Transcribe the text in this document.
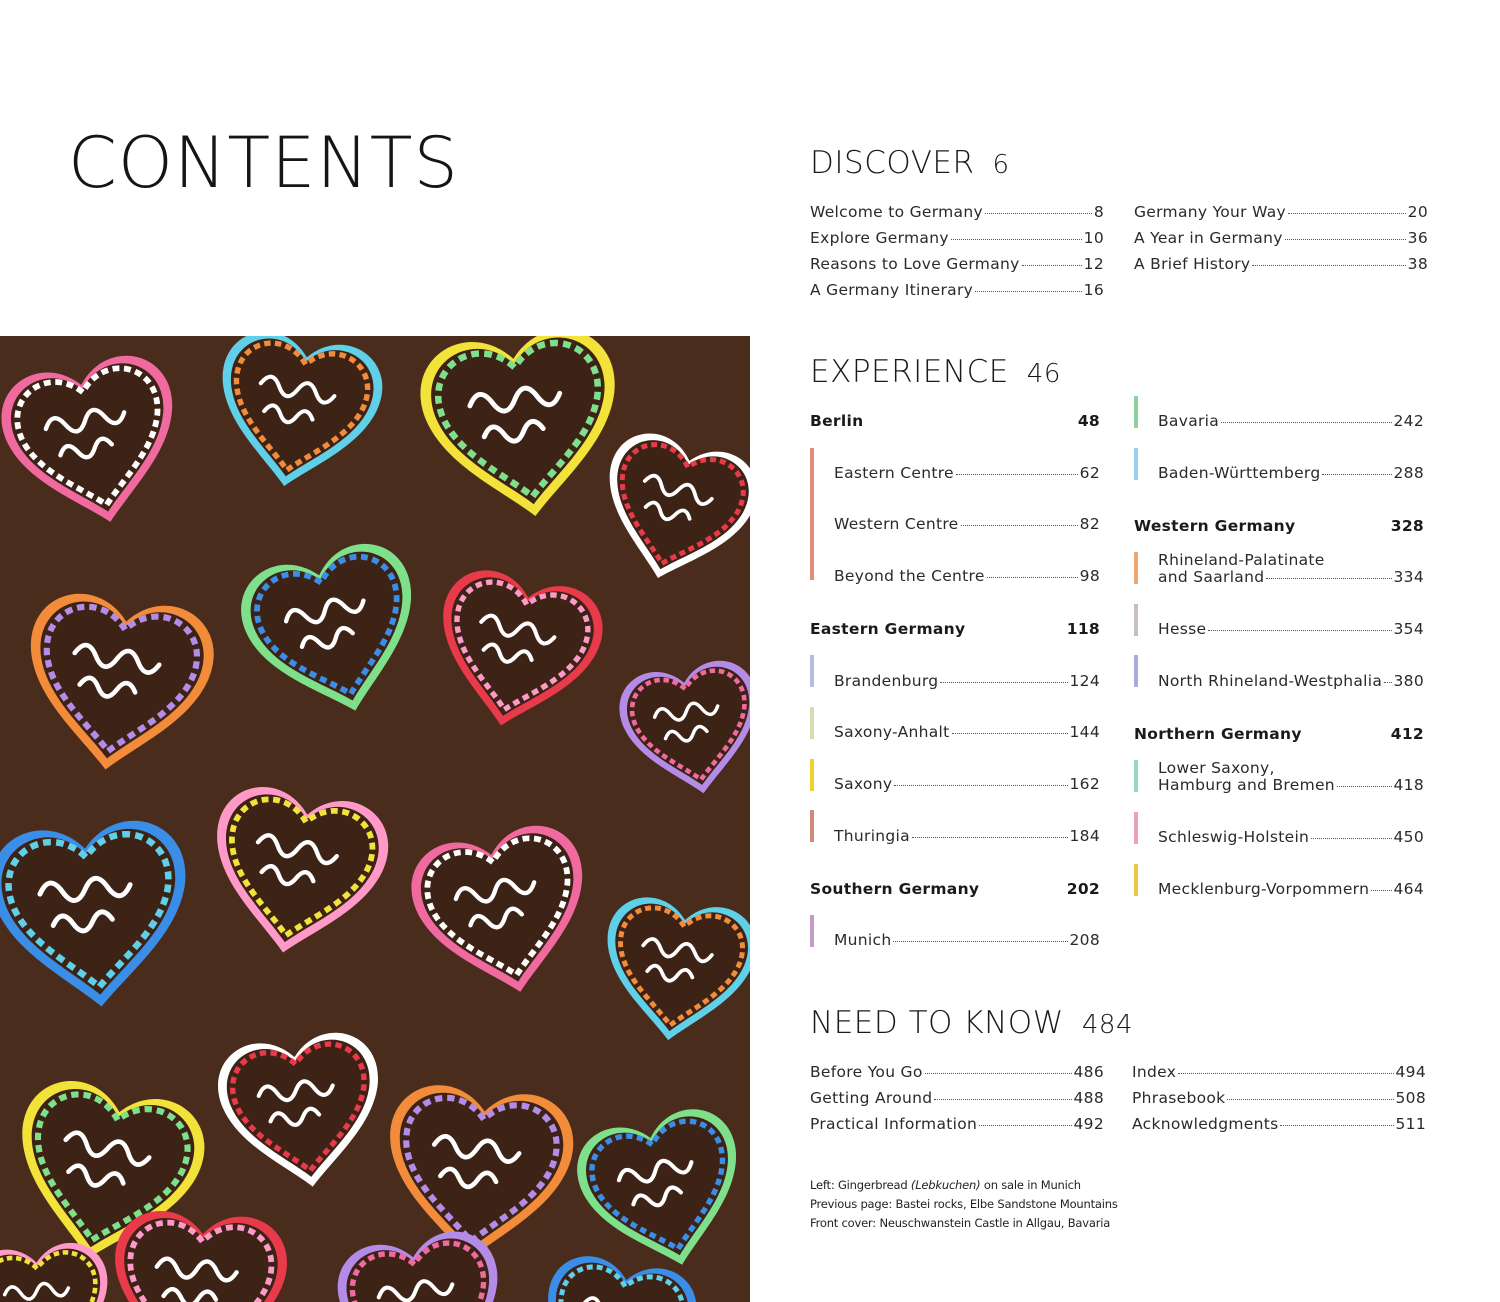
CONTENTS	DISCOVER 6
Welcome to Germany	8
Explore Germany	10
Reasons to Love Germany	12
A Germany Itinerary	16
Germany Your Way	20
A Year in Germany	36
A Brief History	38
EXPERIENCE 46
Berlin	48
Eastern Centre	62
Western Centre	82
Beyond the Centre	98
Eastern Germany	118
Brandenburg	124
Saxony-Anhalt	144
Saxony	162
Thuringia	184
Southern Germany	202
Munich	208
Bavaria	242
Baden-Württemberg	288
Western Germany	328
Rhineland-Palatinate
and Saarland	334
Hesse	354
North Rhineland-Westphalia 380
Northern Germany	412
Lower Saxony,
Hamburg and Bremen	418
Schleswig-Holstein	450
Mecklenburg-Vorpommern 464
NEED TO KNOW 484
Before You Go	486
Getting Around	488
Practical Information	492
Index	494
Phrasebook	508
Acknowledgments	511
Left: Gingerbread (Lebkuchen) on sale in Munich
Previous page: Bastei rocks, Elbe Sandstone Mountains
Front cover: Neuschwanstein Castle in Allgau, Bavaria
